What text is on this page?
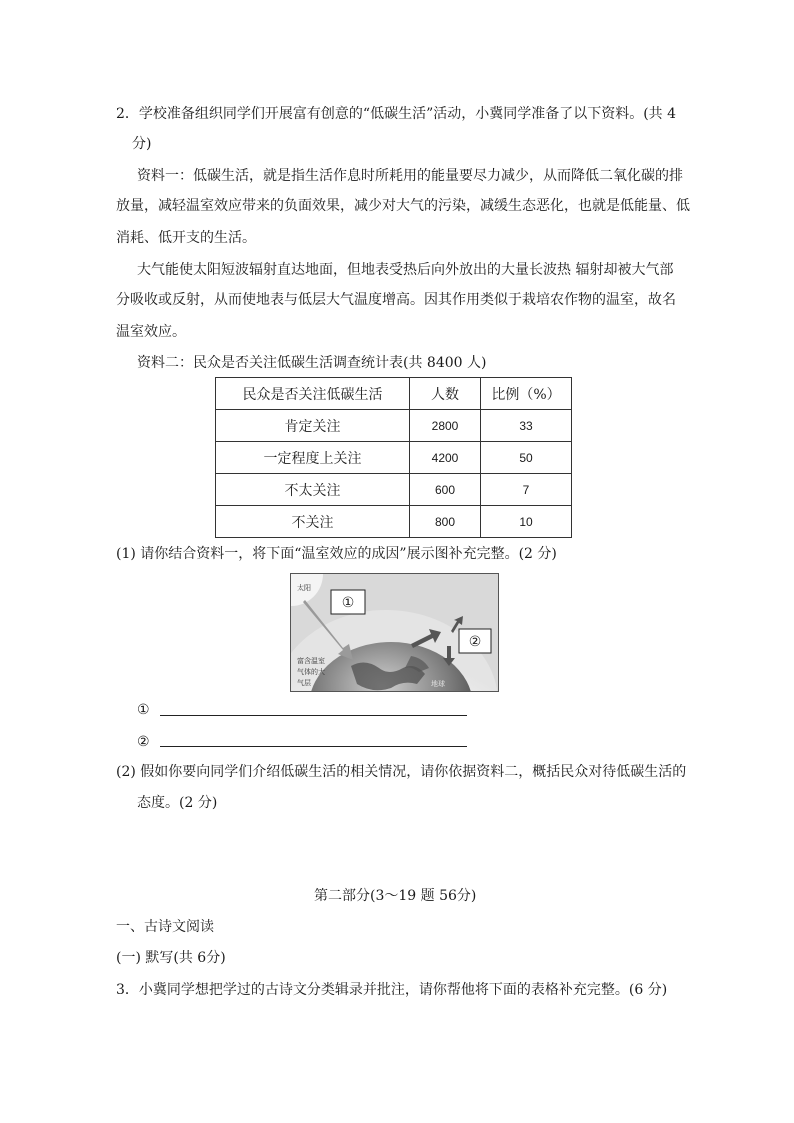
2．学校准备组织同学们开展富有创意的“低碳生活”活动，小冀同学准备了以下资料。(共 4
分)
资料一：低碳生活，就是指生活作息时所耗用的能量要尽力减少，从而降低二氧化碳的排
放量，减轻温室效应带来的负面效果，减少对大气的污染，减缓生态恶化，也就是低能量、低
消耗、低开支的生活。
大气能使太阳短波辐射直达地面，但地表受热后向外放出的大量长波热 辐射却被大气部
分吸收或反射，从而使地表与低层大气温度增高。因其作用类似于栽培农作物的温室，故名
温室效应。
资料二：民众是否关注低碳生活调查统计表(共 8400 人)
民众是否关注低碳生活	人数	比例（%）
肯定关注	2800	33
一定程度上关注	4200	50
不太关注	600	7
不关注	800	10
(1) 请你结合资料一，将下面“温室效应的成因”展示图补充完整。(2 分)
①
②
太阳
富含温室
气体的大
气层	地球
①
②
(2) 假如你要向同学们介绍低碳生活的相关情况，请你依据资料二，概括民众对待低碳生活的
态度。(2 分)
第二部分(3～19 题 56分)
一、古诗文阅读
(一) 默写(共 6分)
3．小冀同学想把学过的古诗文分类辑录并批注，请你帮他将下面的表格补充完整。(6 分)
